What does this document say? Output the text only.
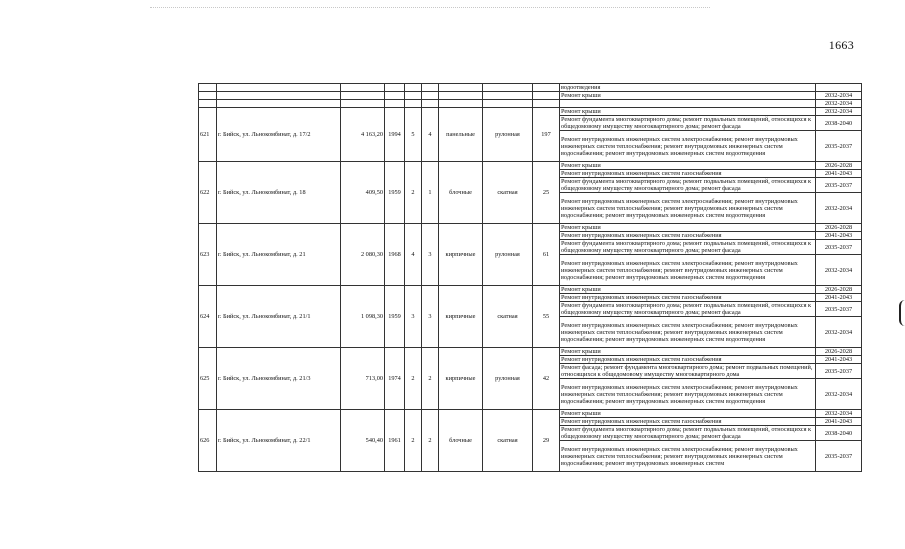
1663
									водоотведения	
									Ремонт крыши	2032-2034
										2032-2034
621	г. Бийск, ул. Льнокомбинат, д. 17/2	4 163,20	1994	5	4	панельные	рулонная	197	Ремонт крыши	2032-2034
									Ремонт фундамента многоквартирного дома; ремонт подвальных помещений, относящихся к общедомовому имуществу многоквартирного дома; ремонт фасада	2038-2040
									Ремонт внутридомовых инженерных систем электроснабжения; ремонт внутридомовых инженерных систем теплоснабжения; ремонт внутридомовых инженерных систем водоснабжения; ремонт внутридомовых инженерных систем водоотведения	2035-2037
622	г. Бийск, ул. Льнокомбинат, д. 18	409,50	1959	2	1	блочные	скатная	25	Ремонт крыши	2026-2028
									Ремонт внутридомовых инженерных систем газоснабжения	2041-2043
									Ремонт фундамента многоквартирного дома; ремонт подвальных помещений, относящихся к общедомовому имуществу многоквартирного дома; ремонт фасада	2035-2037
									Ремонт внутридомовых инженерных систем электроснабжения; ремонт внутридомовых инженерных систем теплоснабжения; ремонт внутридомовых инженерных систем водоснабжения; ремонт внутридомовых инженерных систем водоотведения	2032-2034
623	г. Бийск, ул. Льнокомбинат, д. 21	2 080,30	1968	4	3	кирпичные	рулонная	61	Ремонт крыши	2026-2028
									Ремонт внутридомовых инженерных систем газоснабжения	2041-2043
									Ремонт фундамента многоквартирного дома; ремонт подвальных помещений, относящихся к общедомовому имуществу многоквартирного дома; ремонт фасада	2035-2037
									Ремонт внутридомовых инженерных систем электроснабжения; ремонт внутридомовых инженерных систем теплоснабжения; ремонт внутридомовых инженерных систем водоснабжения; ремонт внутридомовых инженерных систем водоотведения	2032-2034
624	г. Бийск, ул. Льнокомбинат, д. 21/1	1 098,30	1959	3	3	кирпичные	скатная	55	Ремонт крыши	2026-2028
									Ремонт внутридомовых инженерных систем газоснабжения	2041-2043
									Ремонт фундамента многоквартирного дома; ремонт подвальных помещений, относящихся к общедомовому имуществу многоквартирного дома; ремонт фасада	2035-2037
									Ремонт внутридомовых инженерных систем электроснабжения; ремонт внутридомовых инженерных систем теплоснабжения; ремонт внутридомовых инженерных систем водоснабжения; ремонт внутридомовых инженерных систем водоотведения	2032-2034
625	г. Бийск, ул. Льнокомбинат, д. 21/3	713,00	1974	2	2	кирпичные	рулонная	42	Ремонт крыши	2026-2028
									Ремонт внутридомовых инженерных систем газоснабжения	2041-2043
									Ремонт фасада; ремонт фундамента многоквартирного дома; ремонт подвальных помещений, относящихся к общедомовому имуществу многоквартирного дома	2035-2037
									Ремонт внутридомовых инженерных систем электроснабжения; ремонт внутридомовых инженерных систем теплоснабжения; ремонт внутридомовых инженерных систем водоснабжения; ремонт внутридомовых инженерных систем водоотведения	2032-2034
626	г. Бийск, ул. Льнокомбинат, д. 22/1	540,40	1961	2	2	блочные	скатная	29	Ремонт крыши	2032-2034
									Ремонт внутридомовых инженерных систем газоснабжения	2041-2043
									Ремонт фундамента многоквартирного дома; ремонт подвальных помещений, относящихся к общедомовому имуществу многоквартирного дома; ремонт фасада	2038-2040
									Ремонт внутридомовых инженерных систем электроснабжения; ремонт внутридомовых инженерных систем теплоснабжения; ремонт внутридомовых инженерных систем водоснабжения; ремонт внутридомовых инженерных систем	2035-2037
